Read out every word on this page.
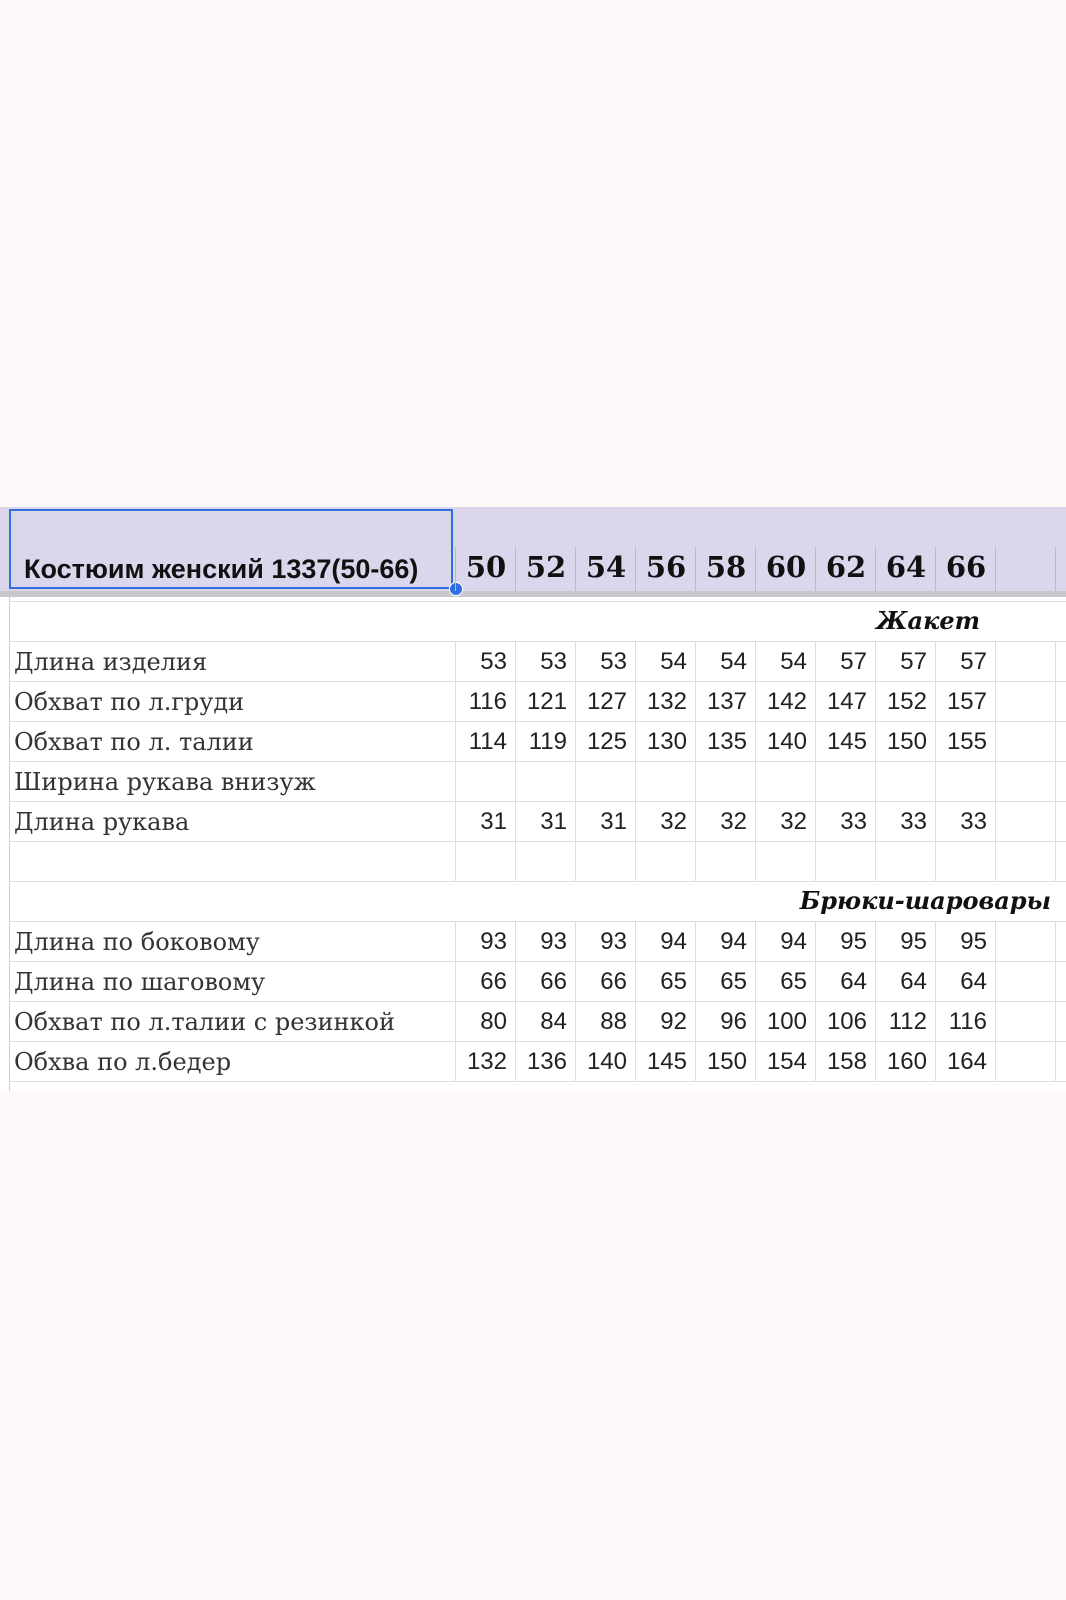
Костюим женский 1337(50-66)	50 52 54 56 58 60 62 64 66
Жакет
Длина изделия	53	53	53	54	54	54	57	57	57
Обхват по л.груди	116 121 127 132 137 142 147 152 157
Обхват по л. талии	114 119 125 130 135 140 145 150 155
Ширина рукава внизуж
Длина рукава	31	31	31	32	32	32	33	33	33
Брюки-шаровары
Длина по боковому	93	93	93	94	94	94	95	95	95
Длина по шаговому	66	66	66	65	65	65	64	64	64
Обхват по л.талии с резинкой	80	84	88	92	96 100 106 112 116
Обхва по л.бедер	132 136 140 145 150 154 158 160 164
